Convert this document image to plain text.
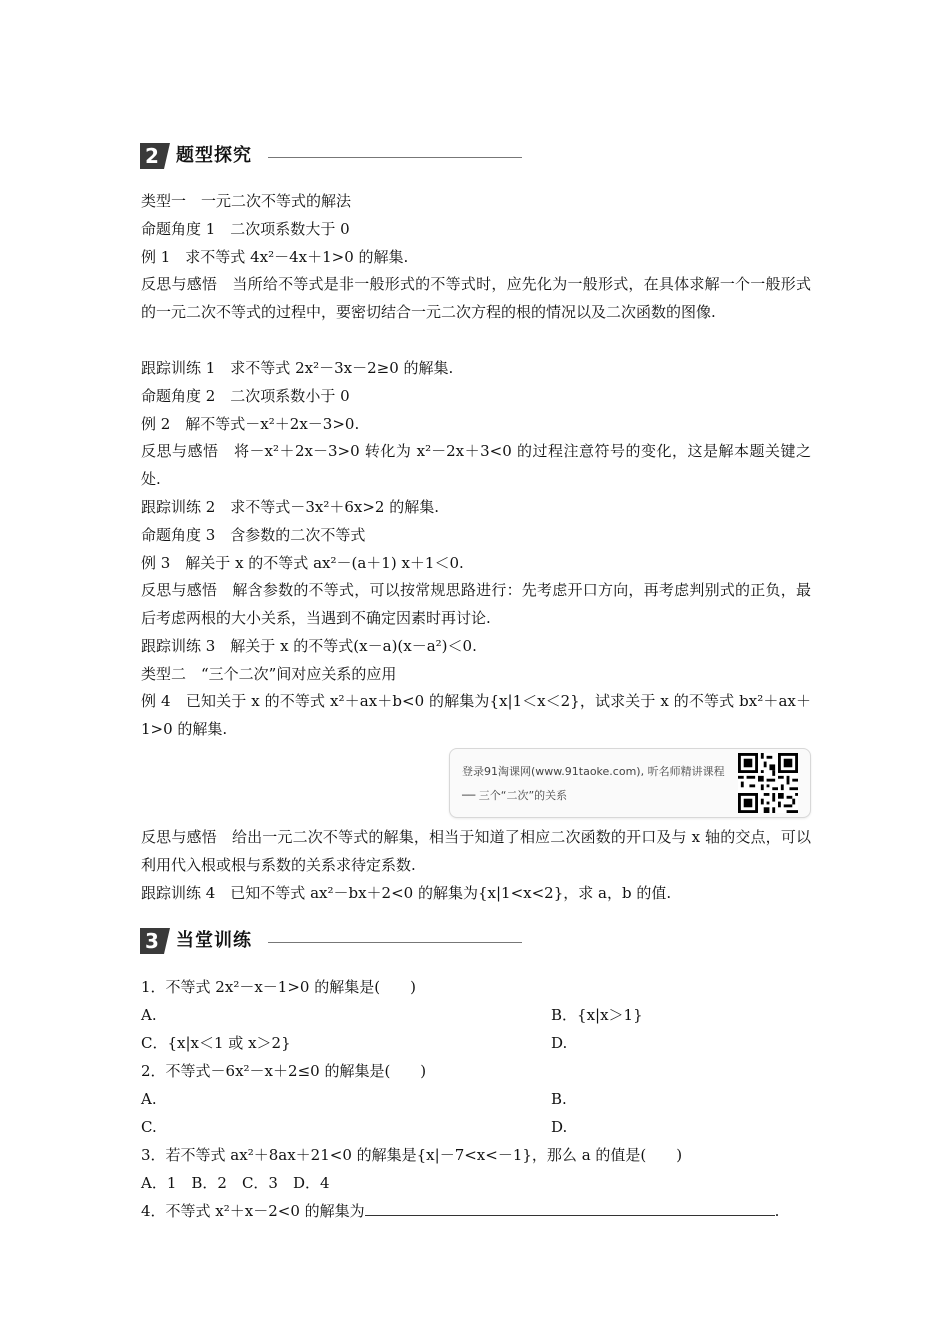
2 题型探究
类型一　一元二次不等式的解法
命题角度 1　二次项系数大于 0
例 1　求不等式 4x²－4x＋1>0 的解集.
反思与感悟　当所给不等式是非一般形式的不等式时，应先化为一般形式，在具体求解一个一般形式的一元二次不等式的过程中，要密切结合一元二次方程的根的情况以及二次函数的图像.
跟踪训练 1　求不等式 2x²－3x－2≥0 的解集.
命题角度 2　二次项系数小于 0
例 2　解不等式－x²＋2x－3>0.
反思与感悟　将－x²＋2x－3>0 转化为 x²－2x＋3<0 的过程注意符号的变化，这是解本题关键之处.
跟踪训练 2　求不等式－3x²＋6x>2 的解集.
命题角度 3　含参数的二次不等式
例 3　解关于 x 的不等式 ax²－(a＋1) x＋1＜0.
反思与感悟　解含参数的不等式，可以按常规思路进行：先考虑开口方向，再考虑判别式的正负，最后考虑两根的大小关系，当遇到不确定因素时再讨论.
跟踪训练 3　解关于 x 的不等式(x－a)(x－a²)＜0.
类型二　“三个二次”间对应关系的应用
例 4　已知关于 x 的不等式 x²＋ax＋b<0 的解集为{x|1＜x＜2}，试求关于 x 的不等式 bx²＋ax＋1>0 的解集.
登录91淘课网(www.91taoke.com), 听名师精讲课程
── 三个“二次”的关系
反思与感悟　给出一元二次不等式的解集，相当于知道了相应二次函数的开口及与 x 轴的交点，可以利用代入根或根与系数的关系求待定系数.
跟踪训练 4　已知不等式 ax²－bx＋2<0 的解集为{x|1<x<2}，求 a，b 的值.
3 当堂训练
1．不等式 2x²－x－1>0 的解集是(　　)
A.	B．{x|x＞1}
C．{x|x＜1 或 x＞2}	D.
2．不等式－6x²－x＋2≤0 的解集是(　　)
A.	B.
C.	D.
3．若不等式 ax²＋8ax＋21<0 的解集是{x|－7<x<－1}，那么 a 的值是(　　)
A．1　B．2　C．3　D．4
4．不等式 x²＋x－2<0 的解集为	.
